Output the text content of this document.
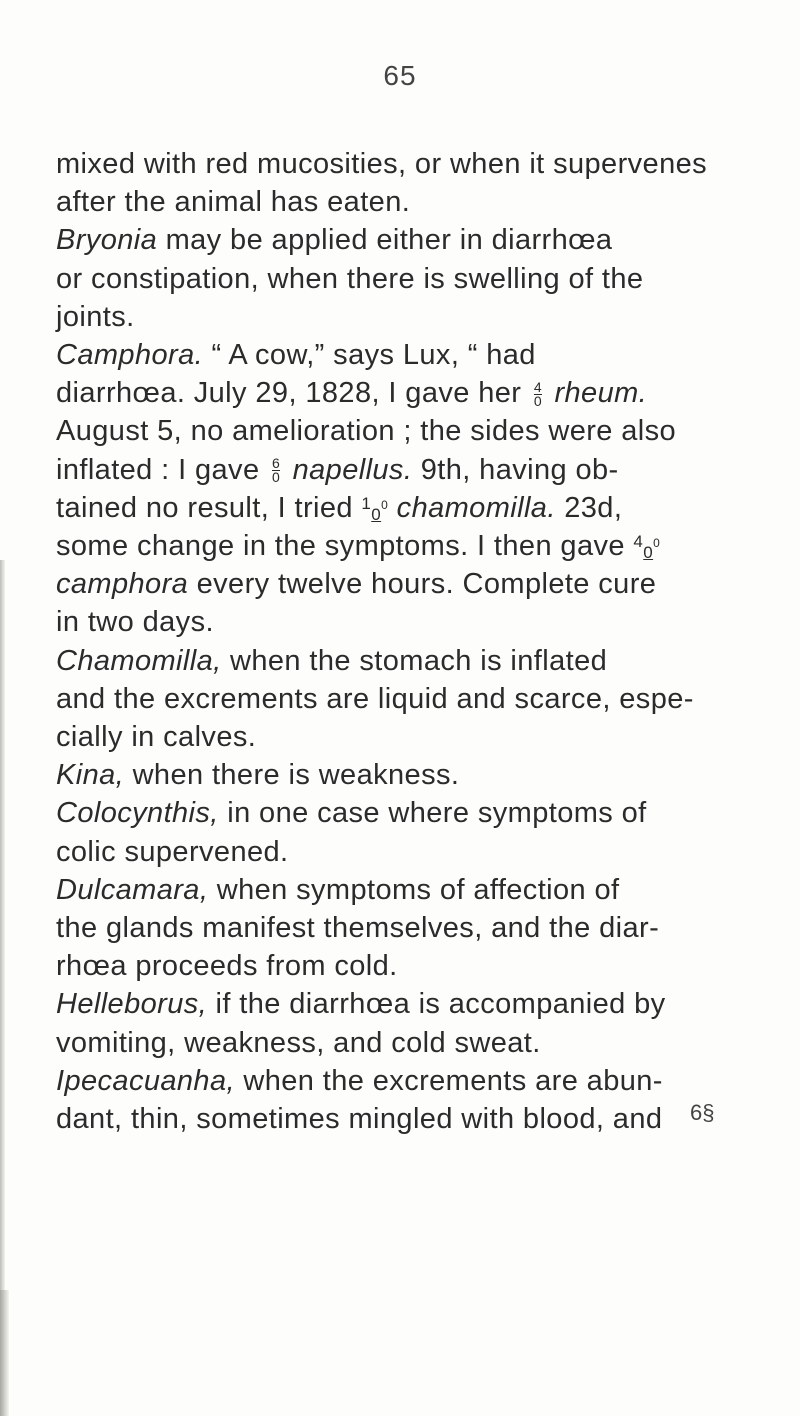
65
mixed with red mucosities, or when it supervenes
after the animal has eaten.
Bryonia may be applied either in diarrhœa
or constipation, when there is swelling of the
joints.
Camphora. “ A cow,” says Lux, “ had
diarrhœa. July 29, 1828, I gave her $\frac{4}{0}$ rheum.
August 5, no amelioration ; the sides were also
inflated : I gave $\frac{6}{0}$ napellus. 9th, having ob-
tained no result, I tried $10^0$ chamomilla. 23d,
some change in the symptoms. I then gave $40^0$
camphora every twelve hours. Complete cure
in two days.
Chamomilla, when the stomach is inflated
and the excrements are liquid and scarce, espe-
cially in calves.
Kina, when there is weakness.
Colocynthis, in one case where symptoms of
colic supervened.
Dulcamara, when symptoms of affection of
the glands manifest themselves, and the diar-
rhœa proceeds from cold.
Helleborus, if the diarrhœa is accompanied by
vomiting, weakness, and cold sweat.
Ipecacuanha, when the excrements are abun-
dant, thin, sometimes mingled with blood, and 6§
